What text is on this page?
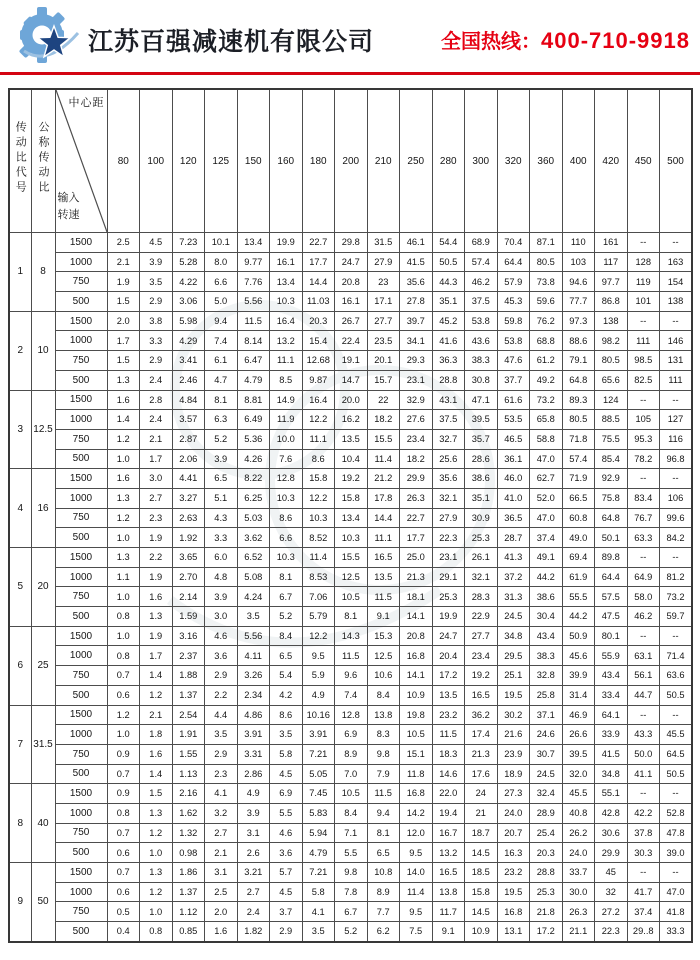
江苏百强减速机有限公司	全国热线：400-710-9918
传动比代号	公称传动比	中心距
输入转速	80	100	120	125	150	160	180	200	210	250	280	300	320	360	400	420	450	500
1	8	1500	2.5	4.5	7.23	10.1	13.4	19.9	22.7	29.8	31.5	46.1	54.4	68.9	70.4	87.1	110	161	--	--
		1000	2.1	3.9	5.28	8.0	9.77	16.1	17.7	24.7	27.9	41.5	50.5	57.4	64.4	80.5	103	117	128	163
		750	1.9	3.5	4.22	6.6	7.76	13.4	14.4	20.8	23	35.6	44.3	46.2	57.9	73.8	94.6	97.7	119	154
		500	1.5	2.9	3.06	5.0	5.56	10.3	11.03	16.1	17.1	27.8	35.1	37.5	45.3	59.6	77.7	86.8	101	138
2	10	1500	2.0	3.8	5.98	9.4	11.5	16.4	20.3	26.7	27.7	39.7	45.2	53.8	59.8	76.2	97.3	138	--	--
		1000	1.7	3.3	4.29	7.4	8.14	13.2	15.4	22.4	23.5	34.1	41.6	43.6	53.8	68.8	88.6	98.2	111	146
		750	1.5	2.9	3.41	6.1	6.47	11.1	12.68	19.1	20.1	29.3	36.3	38.3	47.6	61.2	79.1	80.5	98.5	131
		500	1.3	2.4	2.46	4.7	4.79	8.5	9.87	14.7	15.7	23.1	28.8	30.8	37.7	49.2	64.8	65.6	82.5	111
3	12.5	1500	1.6	2.8	4.84	8.1	8.81	14.9	16.4	20.0	22	32.9	43.1	47.1	61.6	73.2	89.3	124	--	--
		1000	1.4	2.4	3.57	6.3	6.49	11.9	12.2	16.2	18.2	27.6	37.5	39.5	53.5	65.8	80.5	88.5	105	127
		750	1.2	2.1	2.87	5.2	5.36	10.0	11.1	13.5	15.5	23.4	32.7	35.7	46.5	58.8	71.8	75.5	95.3	116
		500	1.0	1.7	2.06	3.9	4.26	7.6	8.6	10.4	11.4	18.2	25.6	28.6	36.1	47.0	57.4	85.4	78.2	96.8
4	16	1500	1.6	3.0	4.41	6.5	8.22	12.8	15.8	19.2	21.2	29.9	35.6	38.6	46.0	62.7	71.9	92.9	--	--
		1000	1.3	2.7	3.27	5.1	6.25	10.3	12.2	15.8	17.8	26.3	32.1	35.1	41.0	52.0	66.5	75.8	83.4	106
		750	1.2	2.3	2.63	4.3	5.03	8.6	10.3	13.4	14.4	22.7	27.9	30.9	36.5	47.0	60.8	64.8	76.7	99.6
		500	1.0	1.9	1.92	3.3	3.62	6.6	8.52	10.3	11.1	17.7	22.3	25.3	28.7	37.4	49.0	50.1	63.3	84.2
5	20	1500	1.3	2.2	3.65	6.0	6.52	10.3	11.4	15.5	16.5	25.0	23.1	26.1	41.3	49.1	69.4	89.8	--	--
		1000	1.1	1.9	2.70	4.8	5.08	8.1	8.53	12.5	13.5	21.3	29.1	32.1	37.2	44.2	61.9	64.4	64.9	81.2
		750	1.0	1.6	2.14	3.9	4.24	6.7	7.06	10.5	11.5	18.1	25.3	28.3	31.3	38.6	55.5	57.5	58.0	73.2
		500	0.8	1.3	1.59	3.0	3.5	5.2	5.79	8.1	9.1	14.1	19.9	22.9	24.5	30.4	44.2	47.5	46.2	59.7
6	25	1500	1.0	1.9	3.16	4.6	5.56	8.4	12.2	14.3	15.3	20.8	24.7	27.7	34.8	43.4	50.9	80.1	--	--
		1000	0.8	1.7	2.37	3.6	4.11	6.5	9.5	11.5	12.5	16.8	20.4	23.4	29.5	38.3	45.6	55.9	63.1	71.4
		750	0.7	1.4	1.88	2.9	3.26	5.4	5.9	9.6	10.6	14.1	17.2	19.2	25.1	32.8	39.9	43.4	56.1	63.6
		500	0.6	1.2	1.37	2.2	2.34	4.2	4.9	7.4	8.4	10.9	13.5	16.5	19.5	25.8	31.4	33.4	44.7	50.5
7	31.5	1500	1.2	2.1	2.54	4.4	4.86	8.6	10.16	12.8	13.8	19.8	23.2	36.2	30.2	37.1	46.9	64.1	--	--
		1000	1.0	1.8	1.91	3.5	3.91	3.5	3.91	6.9	8.3	10.5	11.5	17.4	21.6	24.6	26.6	33.9	43.3	45.5
		750	0.9	1.6	1.55	2.9	3.31	5.8	7.21	8.9	9.8	15.1	18.3	21.3	23.9	30.7	39.5	41.5	50.0	64.5
		500	0.7	1.4	1.13	2.3	2.86	4.5	5.05	7.0	7.9	11.8	14.6	17.6	18.9	24.5	32.0	34.8	41.1	50.5
8	40	1500	0.9	1.5	2.16	4.1	4.9	6.9	7.45	10.5	11.5	16.8	22.0	24	27.3	32.4	45.5	55.1	--	--
		1000	0.8	1.3	1.62	3.2	3.9	5.5	5.83	8.4	9.4	14.2	19.4	21	24.0	28.9	40.8	42.8	42.2	52.8
		750	0.7	1.2	1.32	2.7	3.1	4.6	5.94	7.1	8.1	12.0	16.7	18.7	20.7	25.4	26.2	30.6	37.8	47.8
		500	0.6	1.0	0.98	2.1	2.6	3.6	4.79	5.5	6.5	9.5	13.2	14.5	16.3	20.3	24.0	29.9	30.3	39.0
9	50	1500	0.7	1.3	1.86	3.1	3.21	5.7	7.21	9.8	10.8	14.0	16.5	18.5	23.2	28.8	33.7	45	--	--
		1000	0.6	1.2	1.37	2.5	2.7	4.5	5.8	7.8	8.9	11.4	13.8	15.8	19.5	25.3	30.0	32	41.7	47.0
		750	0.5	1.0	1.12	2.0	2.4	3.7	4.1	6.7	7.7	9.5	11.7	14.5	16.8	21.8	26.3	27.2	37.4	41.8
		500	0.4	0.8	0.85	1.6	1.82	2.9	3.5	5.2	6.2	7.5	9.1	10.9	13.1	17.2	21.1	22.3	29..8	33.3
